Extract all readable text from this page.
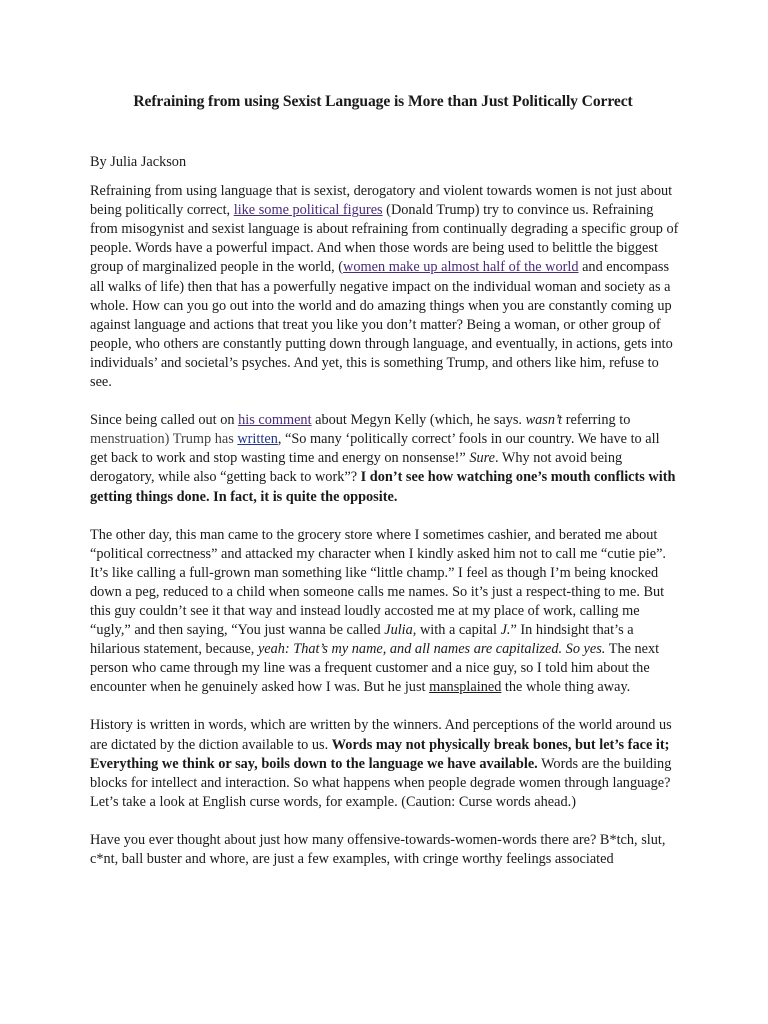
Refraining from using Sexist Language is More than Just Politically Correct

By Julia Jackson

Refraining from using language that is sexist, derogatory and violent towards women is not just about being politically correct, like some political figures (Donald Trump) try to convince us. Refraining from misogynist and sexist language is about refraining from continually degrading a specific group of people. Words have a powerful impact. And when those words are being used to belittle the biggest group of marginalized people in the world, (women make up almost half of the world and encompass all walks of life) then that has a powerfully negative impact on the individual woman and society as a whole. How can you go out into the world and do amazing things when you are constantly coming up against language and actions that treat you like you don’t matter? Being a woman, or other group of people, who others are constantly putting down through language, and eventually, in actions, gets into individuals’ and societal’s psyches. And yet, this is something Trump, and others like him, refuse to see.

Since being called out on his comment about Megyn Kelly (which, he says. wasn’t referring to menstruation) Trump has written, “So many ‘politically correct’ fools in our country. We have to all get back to work and stop wasting time and energy on nonsense!” Sure. Why not avoid being derogatory, while also “getting back to work”? I don’t see how watching one’s mouth conflicts with getting things done. In fact, it is quite the opposite.

The other day, this man came to the grocery store where I sometimes cashier, and berated me about “political correctness” and attacked my character when I kindly asked him not to call me “cutie pie”. It’s like calling a full-grown man something like “little champ.” I feel as though I’m being knocked down a peg, reduced to a child when someone calls me names. So it’s just a respect-thing to me. But this guy couldn’t see it that way and instead loudly accosted me at my place of work, calling me “ugly,” and then saying, “You just wanna be called Julia, with a capital J.” In hindsight that’s a hilarious statement, because, yeah: That’s my name, and all names are capitalized. So yes. The next person who came through my line was a frequent customer and a nice guy, so I told him about the encounter when he genuinely asked how I was. But he just mansplained the whole thing away.

History is written in words, which are written by the winners. And perceptions of the world around us are dictated by the diction available to us. Words may not physically break bones, but let’s face it; Everything we think or say, boils down to the language we have available. Words are the building blocks for intellect and interaction. So what happens when people degrade women through language? Let’s take a look at English curse words, for example. (Caution: Curse words ahead.)

Have you ever thought about just how many offensive-towards-women-words there are? B*tch, slut, c*nt, ball buster and whore, are just a few examples, with cringe worthy feelings associated
